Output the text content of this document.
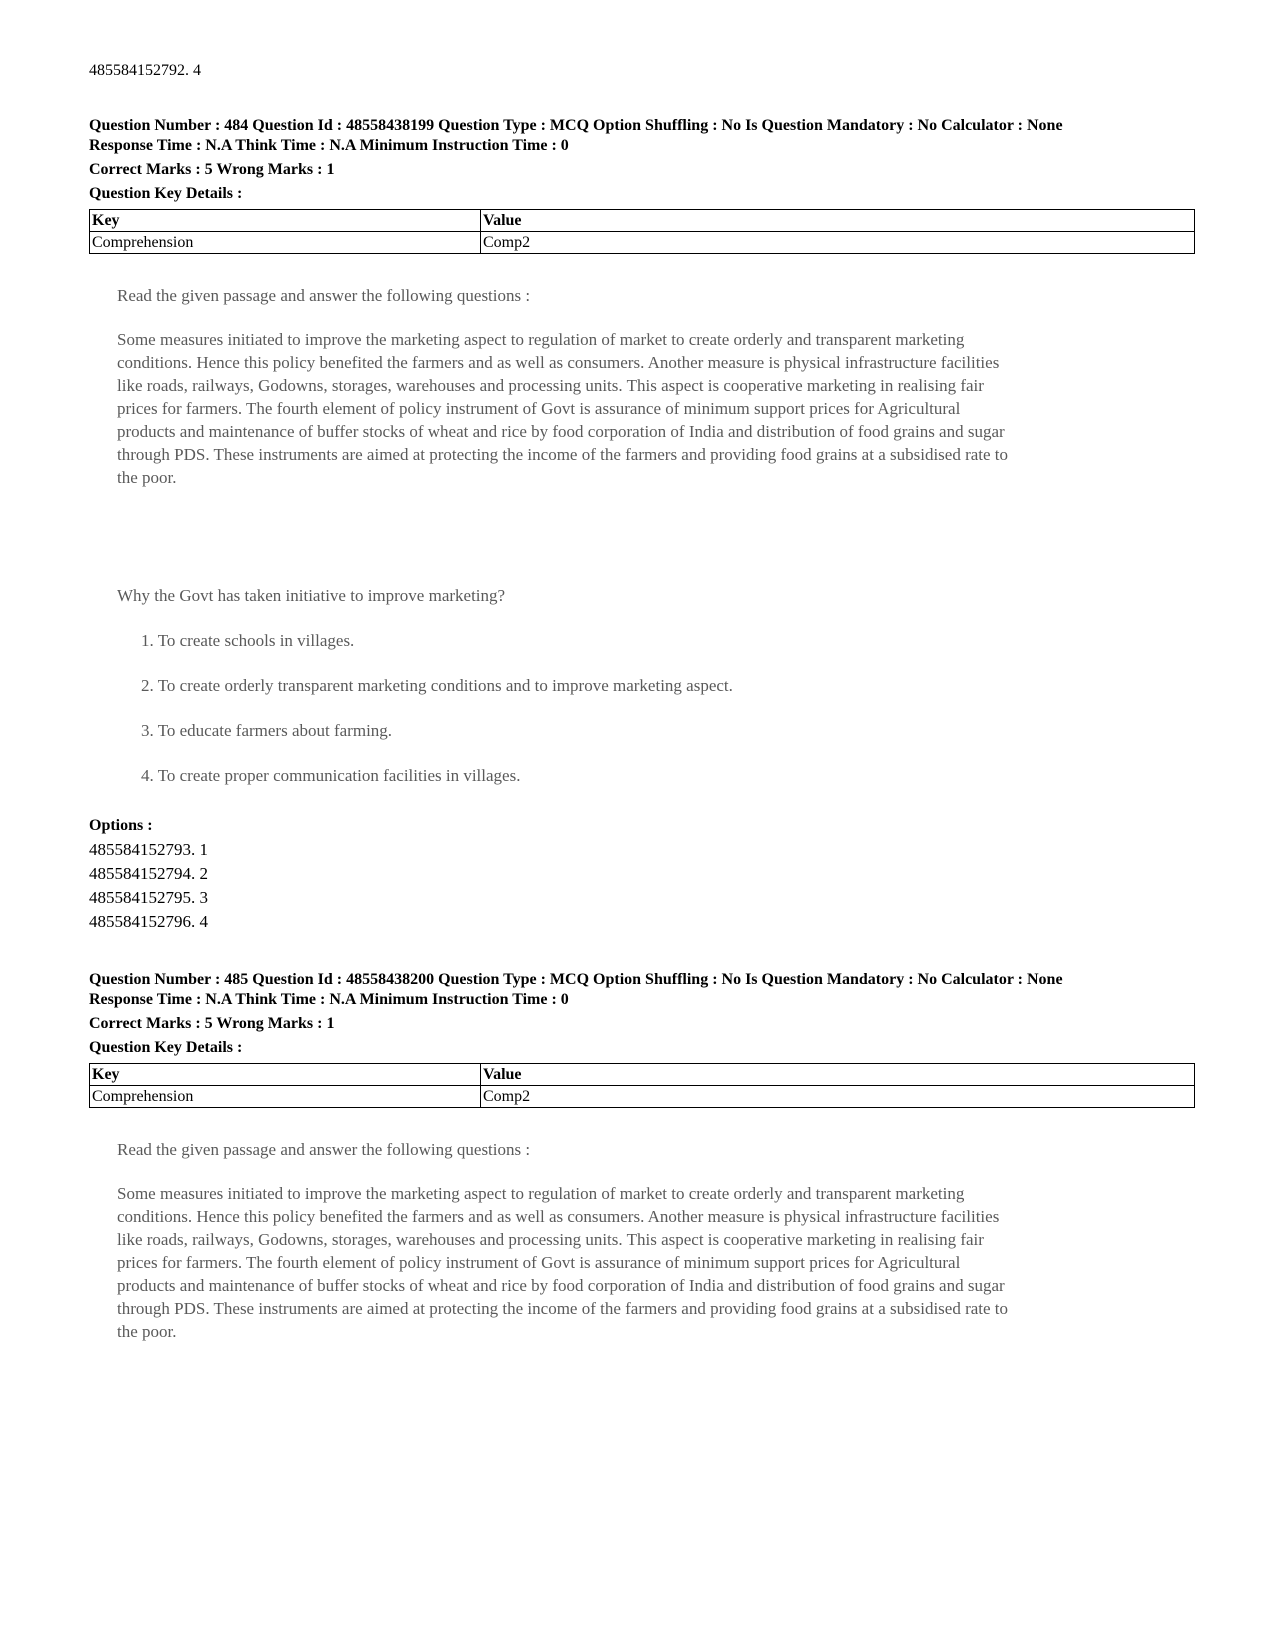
485584152792. 4
Question Number : 484 Question Id : 48558438199 Question Type : MCQ Option Shuffling : No Is Question Mandatory : No Calculator : None
Response Time : N.A Think Time : N.A Minimum Instruction Time : 0
Correct Marks : 5 Wrong Marks : 1
Question Key Details :
Key	Value
Comprehension	Comp2
Read the given passage and answer the following questions :
Some measures initiated to improve the marketing aspect to regulation of market to create orderly and transparent marketing conditions. Hence this policy benefited the farmers and as well as consumers. Another measure is physical infrastructure facilities like roads, railways, Godowns, storages, warehouses and processing units. This aspect is cooperative marketing in realising fair prices for farmers. The fourth element of policy instrument of Govt is assurance of minimum support prices for Agricultural products and maintenance of buffer stocks of wheat and rice by food corporation of India and distribution of food grains and sugar through PDS. These instruments are aimed at protecting the income of the farmers and providing food grains at a subsidised rate to the poor.
Why the Govt has taken initiative to improve marketing?
1. To create schools in villages.
2. To create orderly transparent marketing conditions and to improve marketing aspect.
3. To educate farmers about farming.
4. To create proper communication facilities in villages.
Options :
485584152793. 1
485584152794. 2
485584152795. 3
485584152796. 4
Question Number : 485 Question Id : 48558438200 Question Type : MCQ Option Shuffling : No Is Question Mandatory : No Calculator : None
Response Time : N.A Think Time : N.A Minimum Instruction Time : 0
Correct Marks : 5 Wrong Marks : 1
Question Key Details :
Key	Value
Comprehension	Comp2
Read the given passage and answer the following questions :
Some measures initiated to improve the marketing aspect to regulation of market to create orderly and transparent marketing conditions. Hence this policy benefited the farmers and as well as consumers. Another measure is physical infrastructure facilities like roads, railways, Godowns, storages, warehouses and processing units. This aspect is cooperative marketing in realising fair prices for farmers. The fourth element of policy instrument of Govt is assurance of minimum support prices for Agricultural products and maintenance of buffer stocks of wheat and rice by food corporation of India and distribution of food grains and sugar through PDS. These instruments are aimed at protecting the income of the farmers and providing food grains at a subsidised rate to the poor.
